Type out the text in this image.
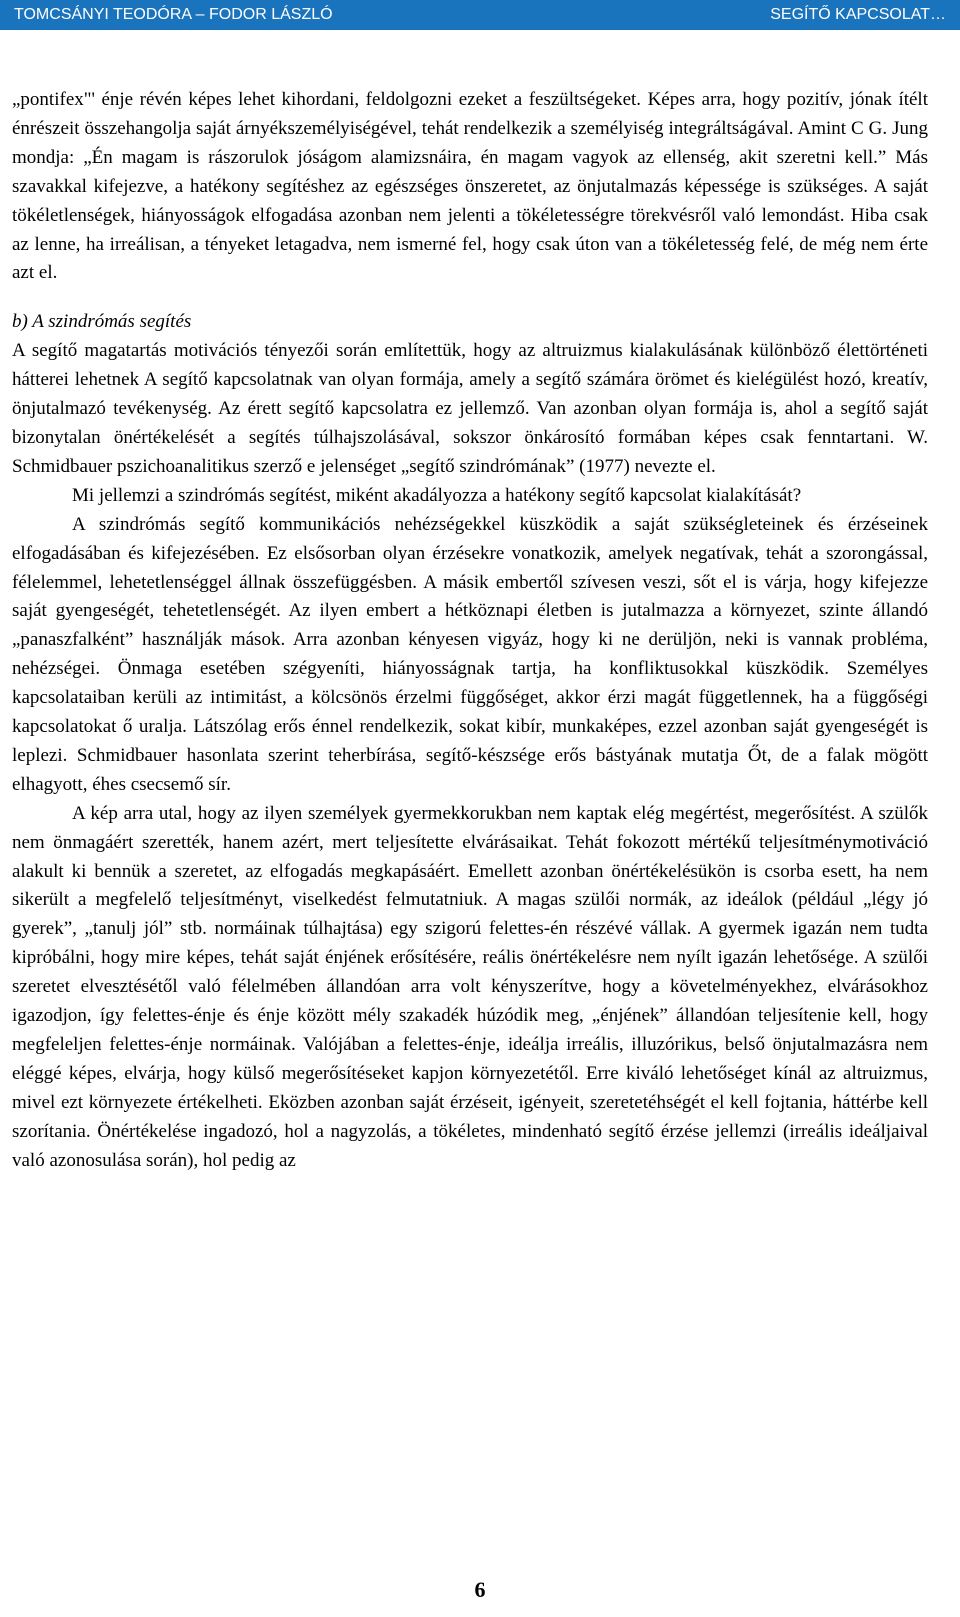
TOMCSÁNYI TEODÓRA – FODOR LÁSZLÓ	SEGÍTŐ KAPCSOLAT…

„pontifex"' énje révén képes lehet kihordani, feldolgozni ezeket a feszültségeket. Képes arra, hogy pozitív, jónak ítélt énrészeit összehangolja saját árnyékszemélyiségével, tehát rendelkezik a személyiség integráltságával. Amint C G. Jung mondja: „Én magam is rászorulok jóságom alamizsnáira, én magam vagyok az ellenség, akit szeretni kell.” Más szavakkal kifejezve, a hatékony segítéshez az egészséges önszeretet, az önjutalmazás képessége is szükséges. A saját tökéletlenségek, hiányosságok elfogadása azonban nem jelenti a tökéletességre törekvésről való lemondást. Hiba csak az lenne, ha irreálisan, a tényeket letagadva, nem ismerné fel, hogy csak úton van a tökéletesség felé, de még nem érte azt el.

b) A szindrómás segítés

A segítő magatartás motivációs tényezői során említettük, hogy az altruizmus kialakulásának különböző élettörténeti hátterei lehetnek A segítő kapcsolatnak van olyan formája, amely a segítő számára örömet és kielégülést hozó, kreatív, önjutalmazó tevékenység. Az érett segítő kapcsolatra ez jellemző. Van azonban olyan formája is, ahol a segítő saját bizonytalan önértékelését a segítés túlhajszolásával, sokszor önkárosító formában képes csak fenntartani. W. Schmidbauer pszichoanalitikus szerző e jelenséget „segítő szindrómának” (1977) nevezte el.

Mi jellemzi a szindrómás segítést, miként akadályozza a hatékony segítő kapcsolat kialakítását?

A szindrómás segítő kommunikációs nehézségekkel küszködik a saját szükségleteinek és érzéseinek elfogadásában és kifejezésében. Ez elsősorban olyan érzésekre vonatkozik, amelyek negatívak, tehát a szorongással, félelemmel, lehetetlenséggel állnak összefüggésben. A másik embertől szívesen veszi, sőt el is várja, hogy kifejezze saját gyengeségét, tehetetlenségét. Az ilyen embert a hétköznapi életben is jutalmazza a környezet, szinte állandó „panaszfalként” használják mások. Arra azonban kényesen vigyáz, hogy ki ne derüljön, neki is vannak probléma, nehézségei. Önmaga esetében szégyeníti, hiányosságnak tartja, ha konfliktusokkal küszködik. Személyes kapcsolataiban kerüli az intimitást, a kölcsönös érzelmi függőséget, akkor érzi magát függetlennek, ha a függőségi kapcsolatokat ő uralja. Látszólag erős énnel rendelkezik, sokat kibír, munkaképes, ezzel azonban saját gyengeségét is leplezi. Schmidbauer hasonlata szerint teherbírása, segítő-készsége erős bástyának mutatja Őt, de a falak mögött elhagyott, éhes csecsemő sír.

A kép arra utal, hogy az ilyen személyek gyermekkorukban nem kaptak elég megértést, megerősítést. A szülők nem önmagáért szerették, hanem azért, mert teljesítette elvárásaikat. Tehát fokozott mértékű teljesítménymotiváció alakult ki bennük a szeretet, az elfogadás megkapásáért. Emellett azonban önértékelésükön is csorba esett, ha nem sikerült a megfelelő teljesítményt, viselkedést felmutatniuk. A magas szülői normák, az ideálok (például „légy jó gyerek”, „tanulj jól” stb. normáinak túlhajtása) egy szigorú felettes-én részévé vállak. A gyermek igazán nem tudta kipróbálni, hogy mire képes, tehát saját énjének erősítésére, reális önértékelésre nem nyílt igazán lehetősége. A szülői szeretet elvesztésétől való félelmében állandóan arra volt kényszerítve, hogy a követelményekhez, elvárásokhoz igazodjon, így felettes-énje és énje között mély szakadék húzódik meg, „énjének” állandóan teljesítenie kell, hogy megfeleljen felettes-énje normáinak. Valójában a felettes-énje, ideálja irreális, illuzórikus, belső önjutalmazásra nem eléggé képes, elvárja, hogy külső megerősítéseket kapjon környezetétől. Erre kiváló lehetőséget kínál az altruizmus, mivel ezt környezete értékelheti. Eközben azonban saját érzéseit, igényeit, szeretetéhségét el kell fojtania, háttérbe kell szorítania. Önértékelése ingadozó, hol a nagyzolás, a tökéletes, mindenható segítő érzése jellemzi (irreális ideáljaival való azonosulása során), hol pedig az

6
